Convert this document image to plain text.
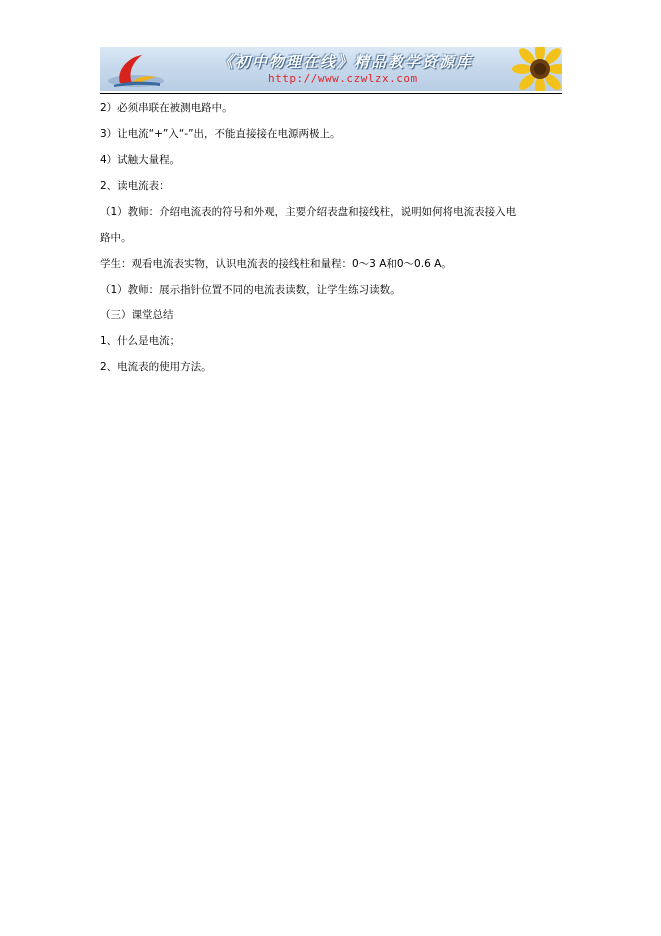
《初中物理在线》精品教学资源库
http://www.czwlzx.com
2）必须串联在被测电路中。
3）让电流“+”入“-”出，不能直接接在电源两极上。
4）试触大量程。
2、读电流表：
（1）教师：介绍电流表的符号和外观，主要介绍表盘和接线柱，说明如何将电流表接入电
路中。
学生：观看电流表实物，认识电流表的接线柱和量程：0～3 A和0～0.6 A。
（1）教师：展示指针位置不同的电流表读数，让学生练习读数。
（三）课堂总结
1、什么是电流；
2、电流表的使用方法。
